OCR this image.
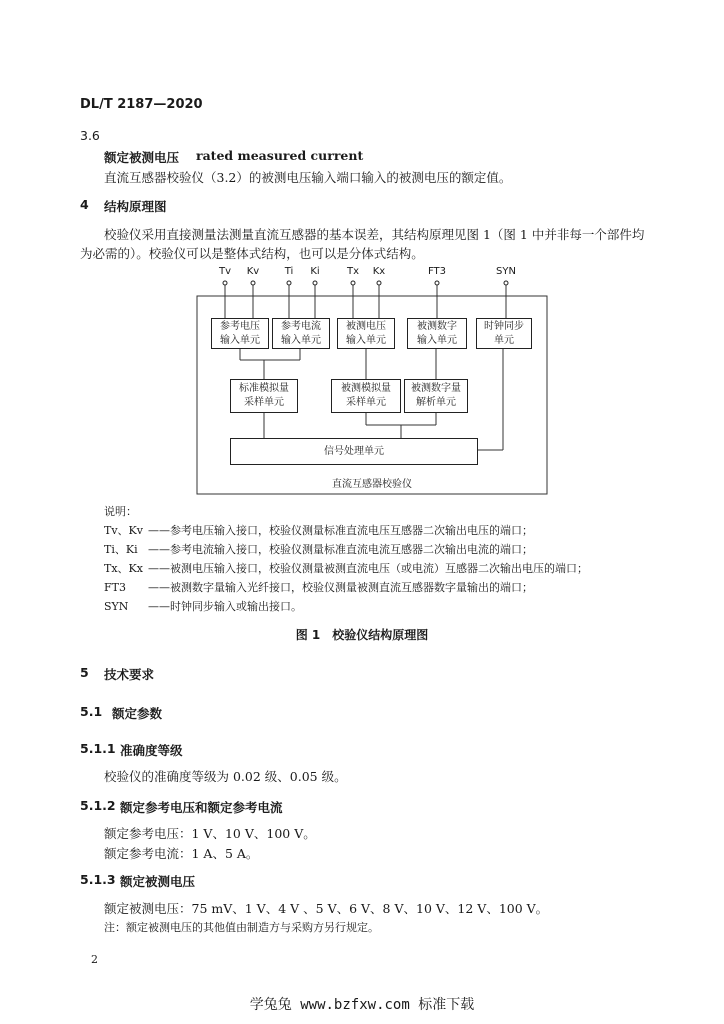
DL/T 2187—2020
3.6
额定被测电压 rated measured current
直流互感器校验仪（3.2）的被测电压输入端口输入的被测电压的额定值。
4 结构原理图
校验仪采用直接测量法测量直流互感器的基本误差，其结构原理见图 1（图 1 中并非每一个部件均
为必需的）。校验仪可以是整体式结构，也可以是分体式结构。
Tv	Kv	Ti	Ki	Tx	Kx	FT3	SYN
参考电压
输入单元
参考电流
输入单元
被测电压
输入单元
被测数字
输入单元
时钟同步
单元
标准模拟量
采样单元
被测模拟量
采样单元
被测数字量
解析单元
信号处理单元
直流互感器校验仪
说明：
Tv、Kv ——参考电压输入接口，校验仪测量标准直流电压互感器二次输出电压的端口；
Ti、Ki ——参考电流输入接口，校验仪测量标准直流电流互感器二次输出电流的端口；
Tx、Kx ——被测电压输入接口，校验仪测量被测直流电压（或电流）互感器二次输出电压的端口；
FT3 ——被测数字量输入光纤接口，校验仪测量被测直流互感器数字量输出的端口；
SYN ——时钟同步输入或输出接口。
图 1　校验仪结构原理图
5 技术要求
5.1 额定参数
5.1.1 准确度等级
校验仪的准确度等级为 0.02 级、0.05 级。
5.1.2 额定参考电压和额定参考电流
额定参考电压：1 V、10 V、100 V。
额定参考电流：1 A、5 A。
5.1.3 额定被测电压
额定被测电压：75 mV、1 V、4 V 、5 V、6 V、8 V、10 V、12 V、100 V。
注：额定被测电压的其他值由制造方与采购方另行规定。
2
学兔兔 www.bzfxw.com 标准下载
